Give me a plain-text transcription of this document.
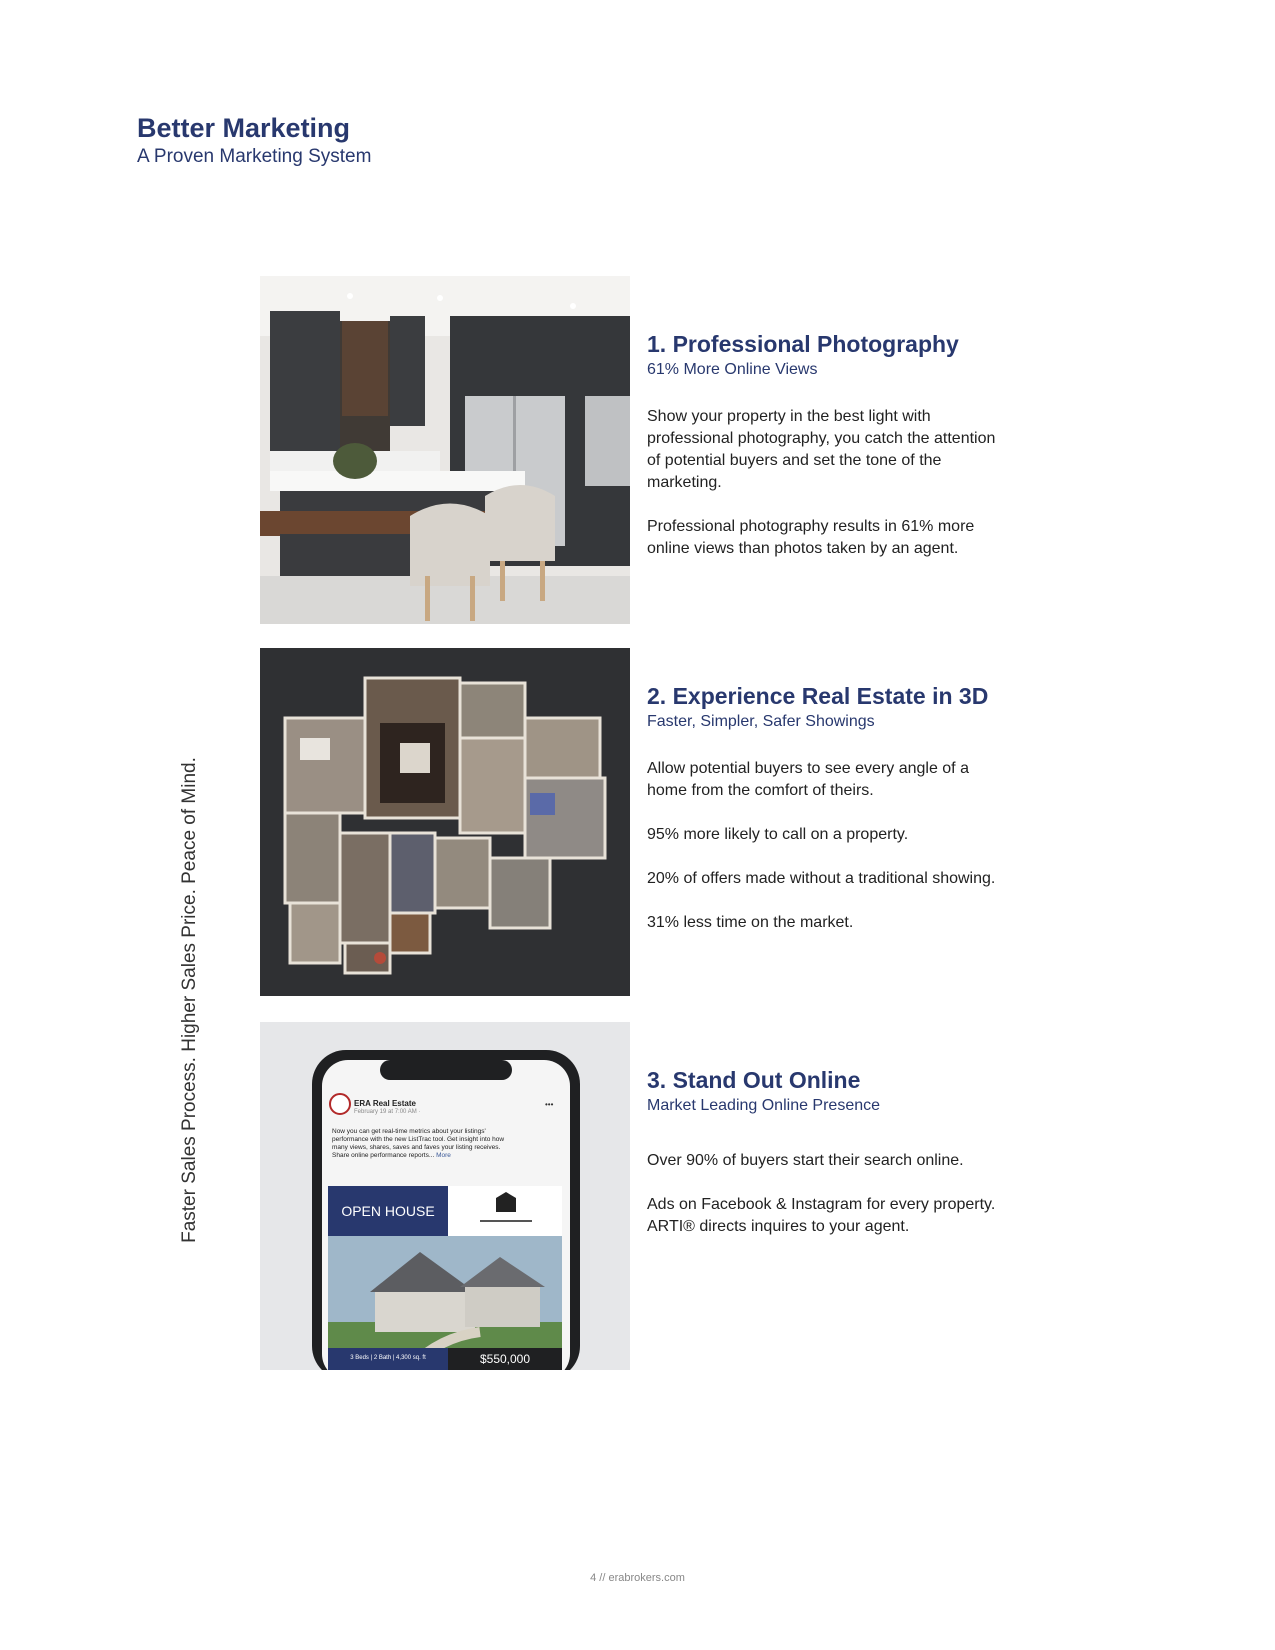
Better Marketing
A Proven Marketing System
Faster Sales Process. Higher Sales Price. Peace of Mind.
1. Professional Photography

61% More Online Views

Show your property in the best light with professional photography, you catch the attention of potential buyers and set the tone of the marketing.

Professional photography results in 61% more online views than photos taken by an agent.

2. Experience Real Estate in 3D

Faster, Simpler, Safer Showings

Allow potential buyers to see every angle of a home from the comfort of theirs.

95% more likely to call on a property.

20% of offers made without a traditional showing.

31% less time on the market.

ERA Real Estate
February 19 at 7:00 AM ·
•••
Now you can get real-time metrics about your listings'
performance with the new ListTrac tool. Get insight into how
many views, shares, saves and faves your listing receives.
Share online performance reports... More
OPEN HOUSE
3 Beds | 2 Bath | 4,300 sq. ft	$550,000
3. Stand Out Online

Market Leading Online Presence

Over 90% of buyers start their search online.

Ads on Facebook & Instagram for every property. ARTI® directs inquires to your agent.

4 // erabrokers.com
